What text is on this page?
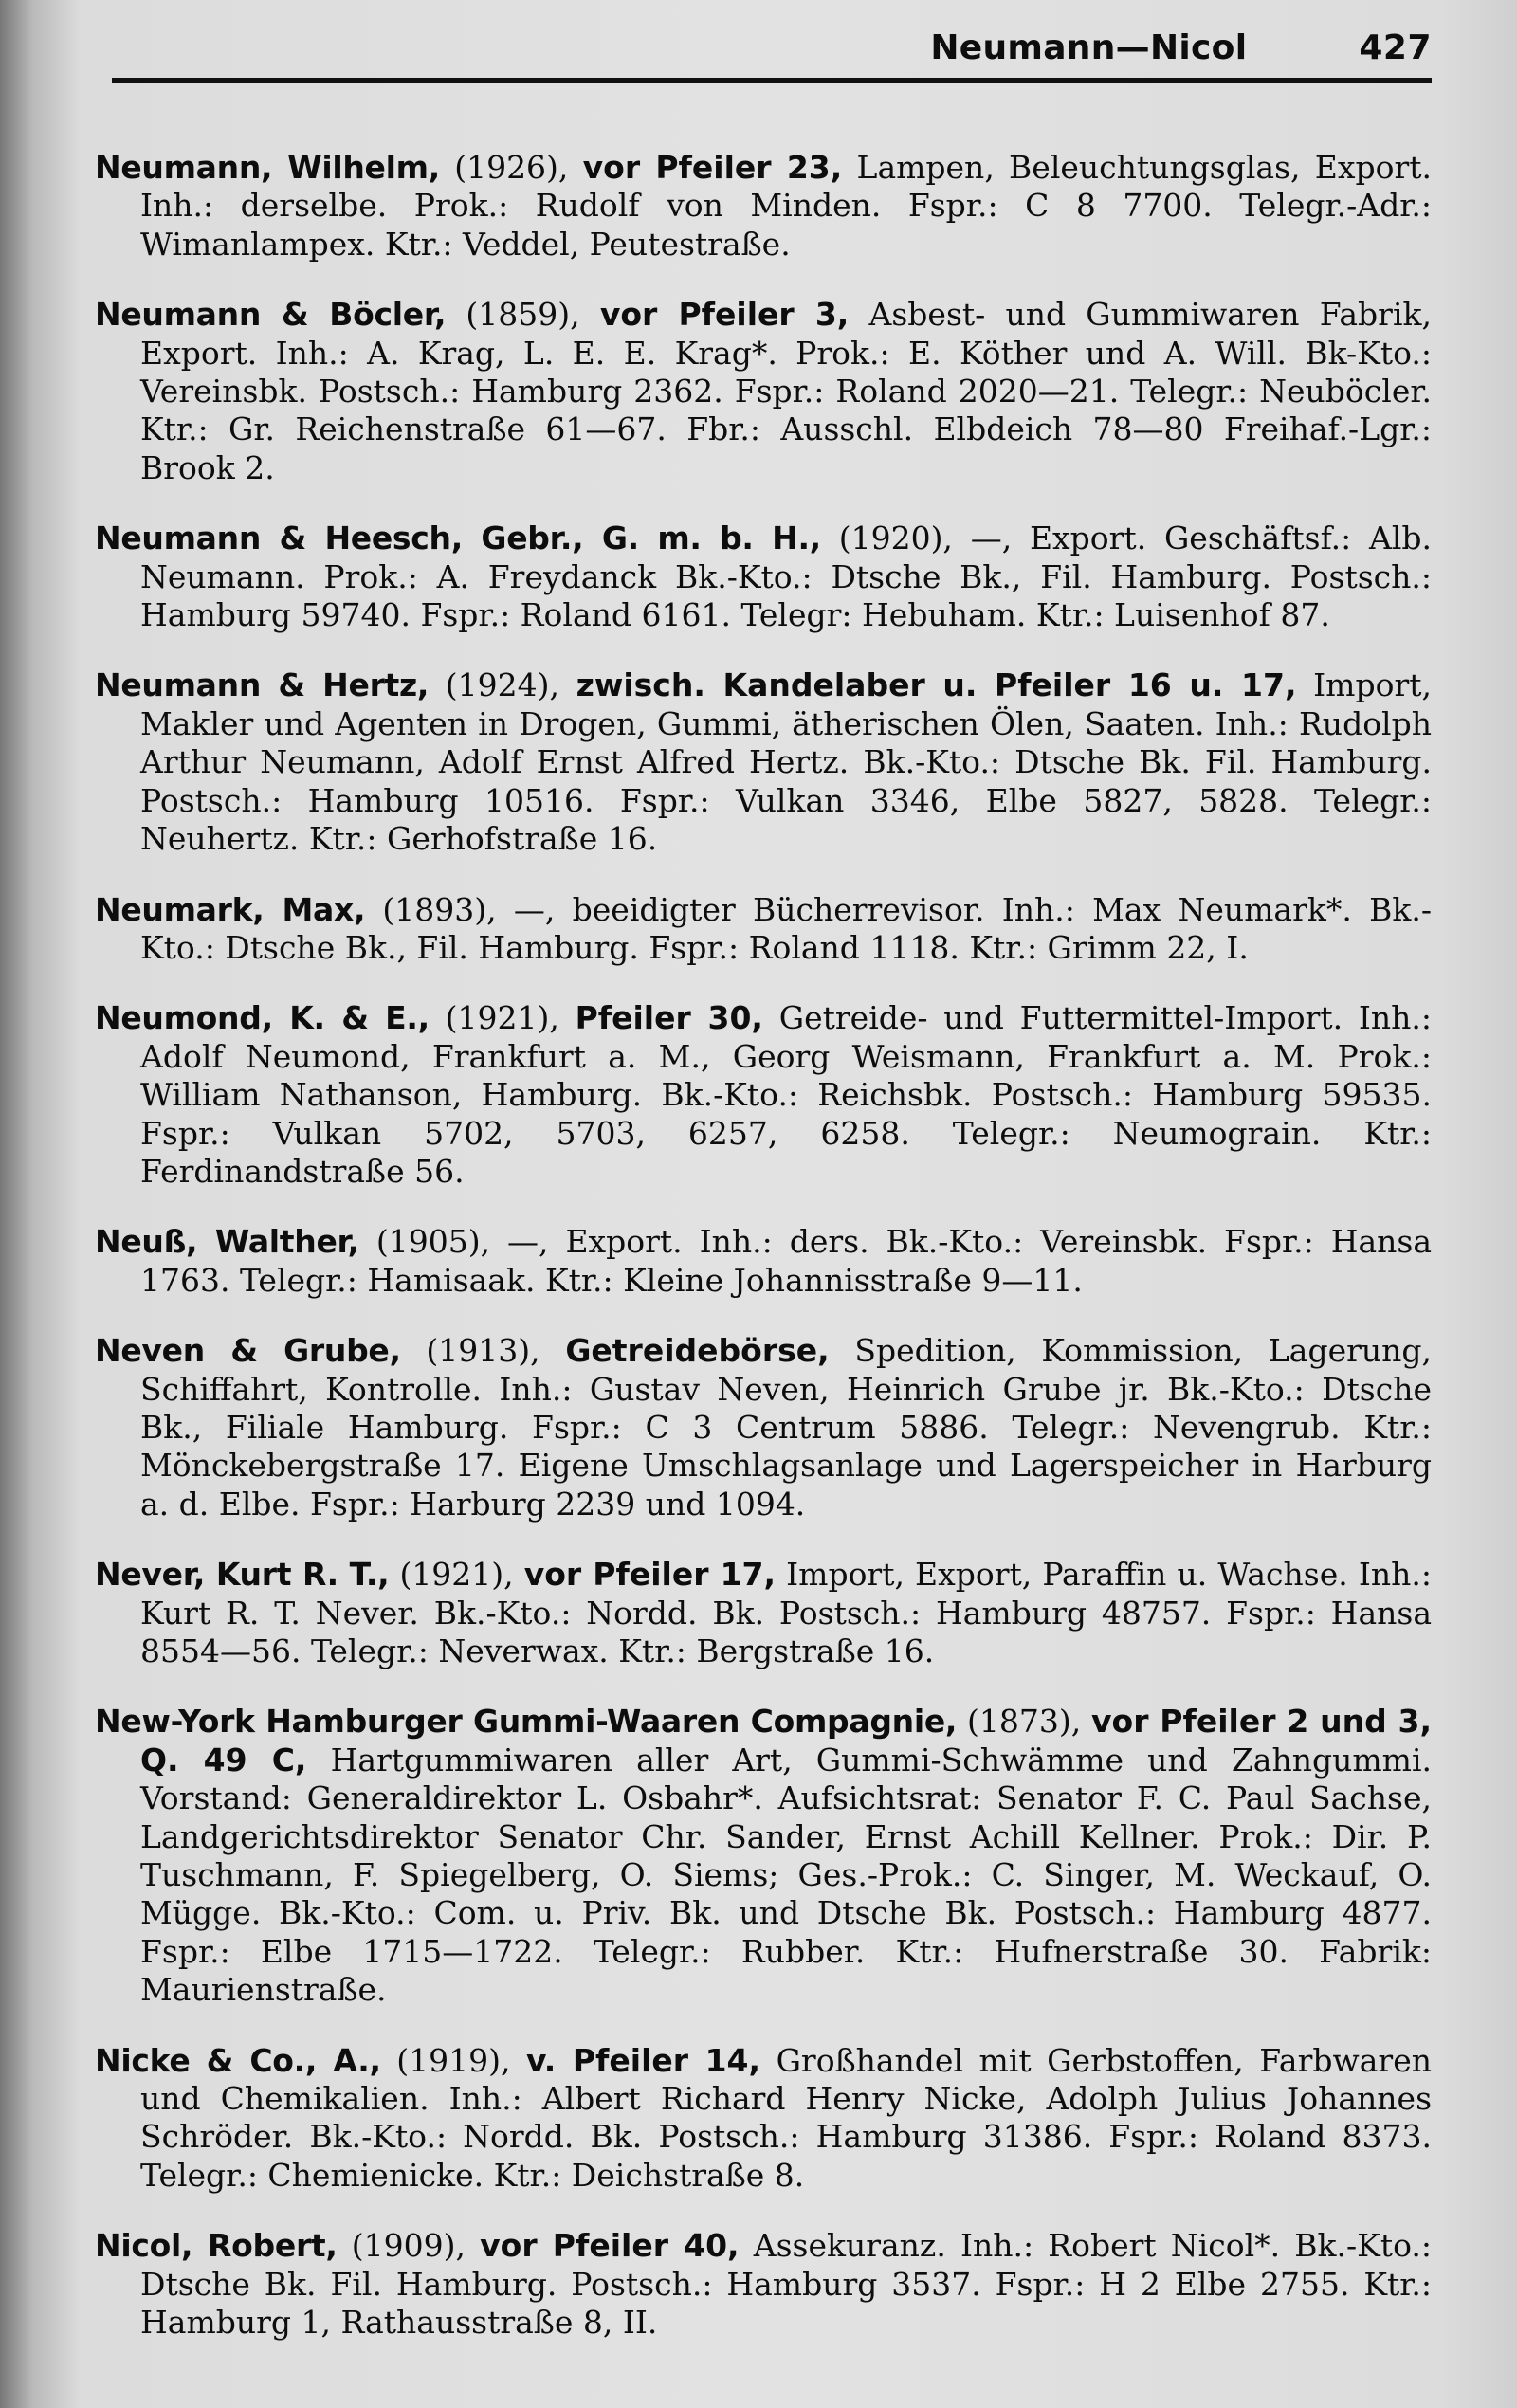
Neumann—Nicol	427

Neumann, Wilhelm, (1926), vor Pfeiler 23, Lampen, Beleuchtungsglas, Export. Inh.: derselbe. Prok.: Rudolf von Minden. Fspr.: C 8 7700. Telegr.-Adr.: Wimanlampex. Ktr.: Veddel, Peutestraße.

Neumann & Böcler, (1859), vor Pfeiler 3, Asbest- und Gummiwaren Fabrik, Export. Inh.: A. Krag, L. E. E. Krag*. Prok.: E. Köther und A. Will. Bk-Kto.: Vereinsbk. Postsch.: Hamburg 2362. Fspr.: Roland 2020—21. Telegr.: Neuböcler. Ktr.: Gr. Reichenstraße 61—67. Fbr.: Ausschl. Elbdeich 78—80 Freihaf.-Lgr.: Brook 2.

Neumann & Heesch, Gebr., G. m. b. H., (1920), —, Export. Geschäftsf.: Alb. Neumann. Prok.: A. Freydanck Bk.-Kto.: Dtsche Bk., Fil. Hamburg. Postsch.: Hamburg 59740. Fspr.: Roland 6161. Telegr: Hebuham. Ktr.: Luisenhof 87.

Neumann & Hertz, (1924), zwisch. Kandelaber u. Pfeiler 16 u. 17, Import, Makler und Agenten in Drogen, Gummi, ätherischen Ölen, Saaten. Inh.: Rudolph Arthur Neumann, Adolf Ernst Alfred Hertz. Bk.-Kto.: Dtsche Bk. Fil. Hamburg. Postsch.: Hamburg 10516. Fspr.: Vulkan 3346, Elbe 5827, 5828. Telegr.: Neuhertz. Ktr.: Gerhofstraße 16.

Neumark, Max, (1893), —, beeidigter Bücherrevisor. Inh.: Max Neumark*. Bk.-Kto.: Dtsche Bk., Fil. Hamburg. Fspr.: Roland 1118. Ktr.: Grimm 22, I.

Neumond, K. & E., (1921), Pfeiler 30, Getreide- und Futtermittel-Import. Inh.: Adolf Neumond, Frankfurt a. M., Georg Weismann, Frankfurt a. M. Prok.: William Nathanson, Hamburg. Bk.-Kto.: Reichsbk. Postsch.: Hamburg 59535. Fspr.: Vulkan 5702, 5703, 6257, 6258. Telegr.: Neumograin. Ktr.: Ferdinandstraße 56.

Neuß, Walther, (1905), —, Export. Inh.: ders. Bk.-Kto.: Vereinsbk. Fspr.: Hansa 1763. Telegr.: Hamisaak. Ktr.: Kleine Johannisstraße 9—11.

Neven & Grube, (1913), Getreidebörse, Spedition, Kommission, Lagerung, Schiffahrt, Kontrolle. Inh.: Gustav Neven, Heinrich Grube jr. Bk.-Kto.: Dtsche Bk., Filiale Hamburg. Fspr.: C 3 Centrum 5886. Telegr.: Nevengrub. Ktr.: Mönckebergstraße 17. Eigene Umschlagsanlage und Lagerspeicher in Harburg a. d. Elbe. Fspr.: Harburg 2239 und 1094.

Never, Kurt R. T., (1921), vor Pfeiler 17, Import, Export, Paraffin u. Wachse. Inh.: Kurt R. T. Never. Bk.-Kto.: Nordd. Bk. Postsch.: Hamburg 48757. Fspr.: Hansa 8554—56. Telegr.: Neverwax. Ktr.: Bergstraße 16.

New-York Hamburger Gummi-Waaren Compagnie, (1873), vor Pfeiler 2 und 3, Q. 49 C, Hartgummiwaren aller Art, Gummi-Schwämme und Zahngummi. Vorstand: Generaldirektor L. Osbahr*. Aufsichtsrat: Senator F. C. Paul Sachse, Landgerichtsdirektor Senator Chr. Sander, Ernst Achill Kellner. Prok.: Dir. P. Tuschmann, F. Spiegelberg, O. Siems; Ges.-Prok.: C. Singer, M. Weckauf, O. Mügge. Bk.-Kto.: Com. u. Priv. Bk. und Dtsche Bk. Postsch.: Hamburg 4877. Fspr.: Elbe 1715—1722. Telegr.: Rubber. Ktr.: Hufnerstraße 30. Fabrik: Maurienstraße.

Nicke & Co., A., (1919), v. Pfeiler 14, Großhandel mit Gerbstoffen, Farbwaren und Chemikalien. Inh.: Albert Richard Henry Nicke, Adolph Julius Johannes Schröder. Bk.-Kto.: Nordd. Bk. Postsch.: Hamburg 31386. Fspr.: Roland 8373. Telegr.: Chemienicke. Ktr.: Deichstraße 8.

Nicol, Robert, (1909), vor Pfeiler 40, Assekuranz. Inh.: Robert Nicol*. Bk.-Kto.: Dtsche Bk. Fil. Hamburg. Postsch.: Hamburg 3537. Fspr.: H 2 Elbe 2755. Ktr.: Hamburg 1, Rathausstraße 8, II.
